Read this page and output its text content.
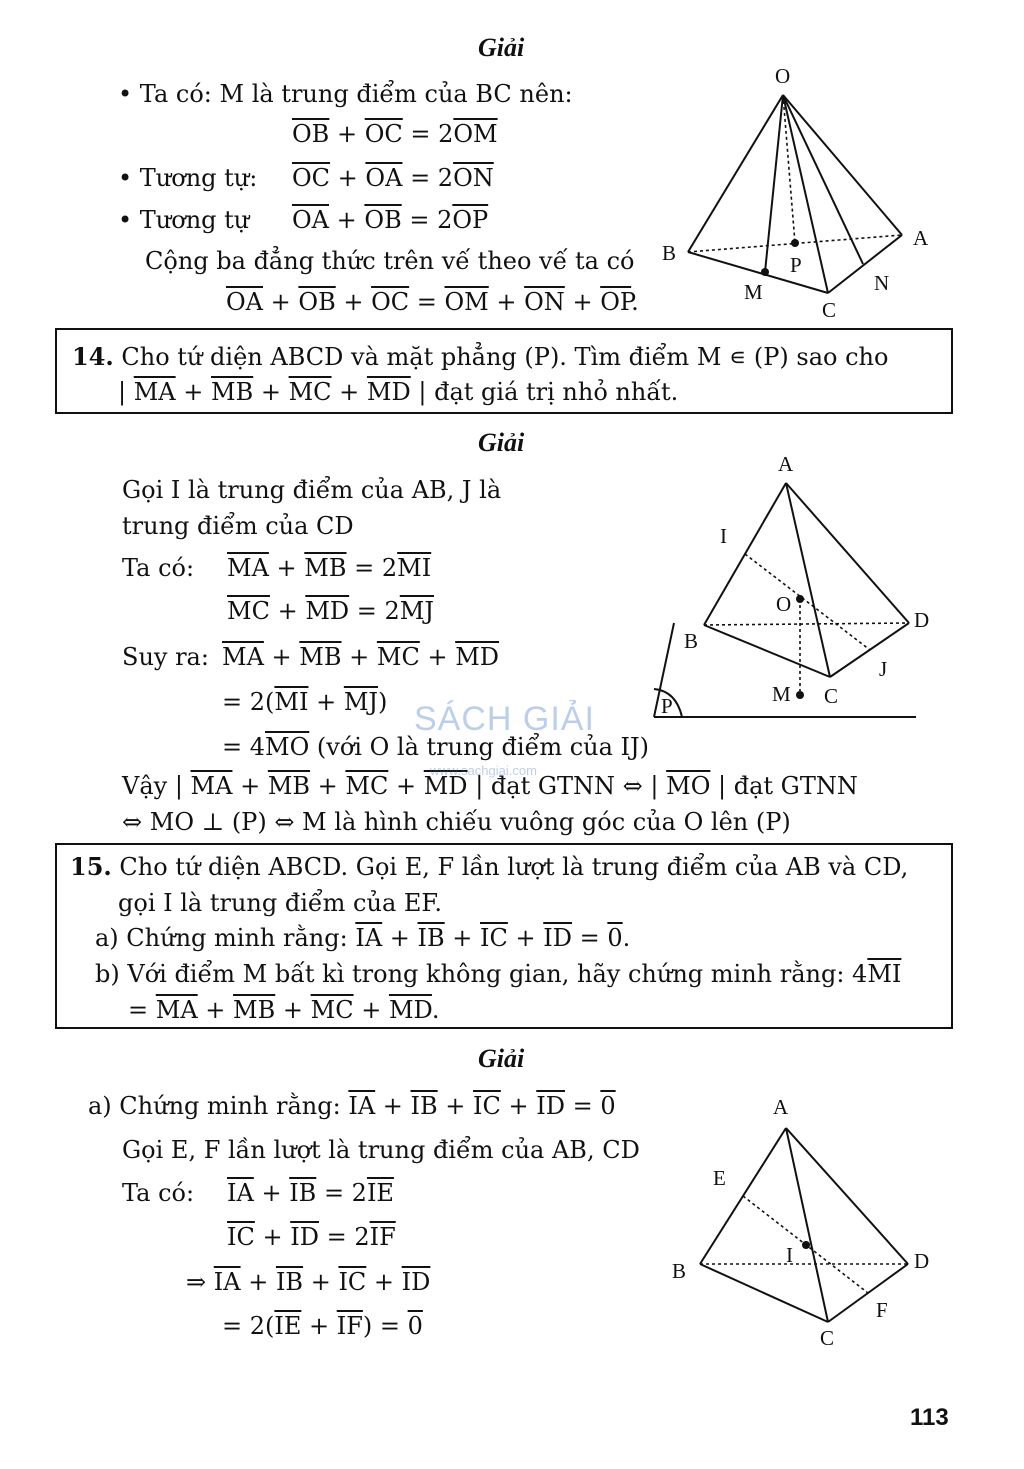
Giải
• Ta có: M là trung điểm của BC nên:
$\overline{OB} + \overline{OC} = 2\overline{OM}$
• Tương tự: $\overline{OC} + \overline{OA} = 2\overline{ON}$
• Tương tự $\overline{OA} + \overline{OB} = 2\overline{OP}$
Cộng ba đẳng thức trên vế theo vế ta có
$\overline{OA} + \overline{OB} + \overline{OC} = \overline{OM} + \overline{ON} + \overline{OP}$.
O
A
B
C
M	N
P
14. Cho tứ diện ABCD và mặt phẳng (P). Tìm điểm M ∊ (P) sao cho
| $\overline{MA} + \overline{MB} + \overline{MC} + \overline{MD}$ | đạt giá trị nhỏ nhất.
Giải
Gọi I là trung điểm của AB, J là
trung điểm của CD
Ta có: $\overline{MA} + \overline{MB} = 2\overline{MI}$
$\overline{MC} + \overline{MD} = 2\overline{MJ}$
Suy ra: $\overline{MA} + \overline{MB} + \overline{MC} + \overline{MD}$
= $2(\overline{MI} + \overline{MJ})$
= $4\overline{MO}$ (với O là trung điểm của IJ)
Vậy | $\overline{MA} + \overline{MB} + \overline{MC} + \overline{MD}$ | đạt GTNN ⇔ | $\overline{MO}$ | đạt GTNN
⇔ MO ⊥ (P) ⇔ M là hình chiếu vuông góc của O lên (P)
A
B
C
D
I
J
O
M
P
SÁCH GIẢI
www.sachgiai.com
15. Cho tứ diện ABCD. Gọi E, F lần lượt là trung điểm của AB và CD,
gọi I là trung điểm của EF.
a) Chứng minh rằng: $\overline{IA} + \overline{IB} + \overline{IC} + \overline{ID} = 0$.
b) Với điểm M bất kì trong không gian, hãy chứng minh rằng: $4\overline{MI}$
= $\overline{MA} + \overline{MB} + \overline{MC} + \overline{MD}$.
Giải
a) Chứng minh rằng: $\overline{IA} + \overline{IB} + \overline{IC} + \overline{ID} = 0$
Gọi E, F lần lượt là trung điểm của AB, CD
Ta có: $\overline{IA} + \overline{IB} = 2\overline{IE}$
$\overline{IC} + \overline{ID} = 2\overline{IF}$
⇒ $\overline{IA} + \overline{IB} + \overline{IC} + \overline{ID}$
= $2(\overline{IE} + \overline{IF}) = 0$
A
B
C
D
E
F
I
113
